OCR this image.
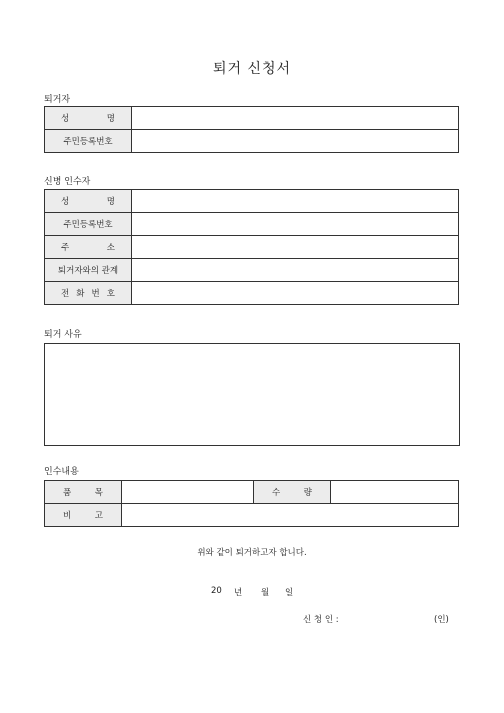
퇴거 신청서
퇴거자
성 명	

주민등록번호	
신병 인수자
성 명	

주민등록번호	

주 소	

퇴거자와의 관계	

전 화 번 호	

퇴거 사유
인수내용
품 목		수 량	

비 고			

위와 같이 퇴거하고자 합니다.
20 년 월 일
신 청 인 :	(인)
